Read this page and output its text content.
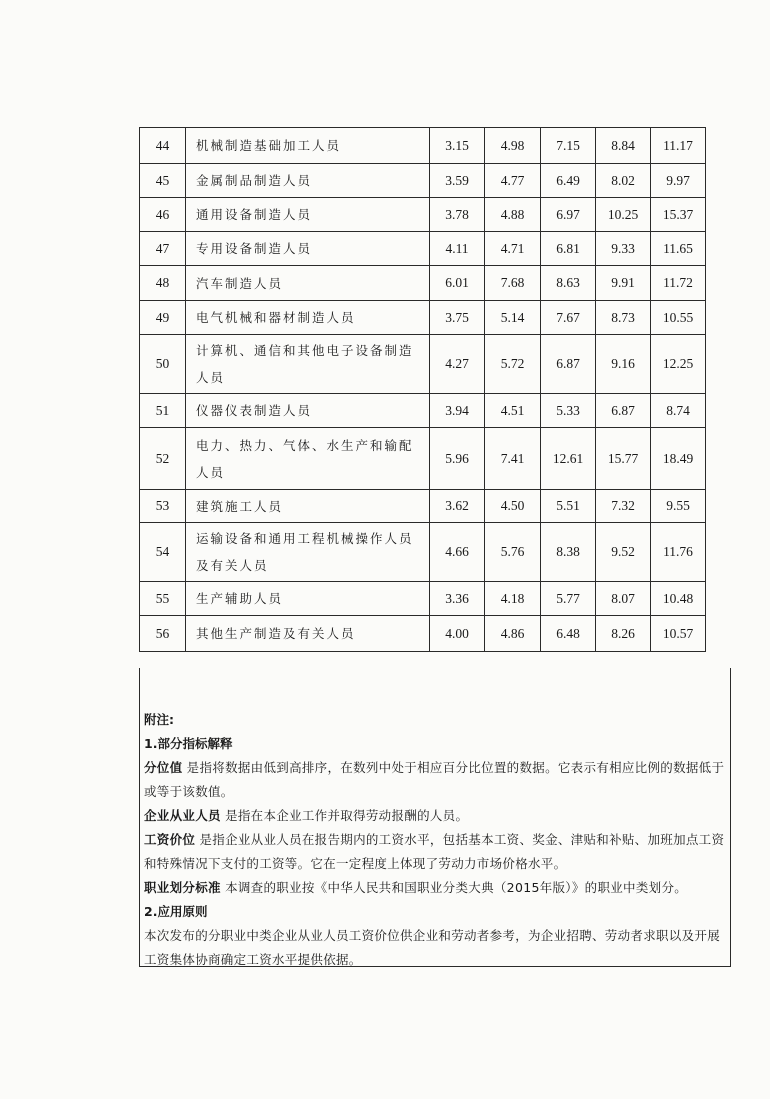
44	机械制造基础加工人员	3.15	4.98	7.15	8.84	11.17
45	金属制品制造人员	3.59	4.77	6.49	8.02	9.97
46	通用设备制造人员	3.78	4.88	6.97	10.25	15.37
47	专用设备制造人员	4.11	4.71	6.81	9.33	11.65
48	汽车制造人员	6.01	7.68	8.63	9.91	11.72
49	电气机械和器材制造人员	3.75	5.14	7.67	8.73	10.55
50	计算机、通信和其他电子设备制造人员	4.27	5.72	6.87	9.16	12.25
51	仪器仪表制造人员	3.94	4.51	5.33	6.87	8.74
52	电力、热力、气体、水生产和输配人员	5.96	7.41	12.61	15.77	18.49
53	建筑施工人员	3.62	4.50	5.51	7.32	9.55
54	运输设备和通用工程机械操作人员及有关人员	4.66	5.76	8.38	9.52	11.76
55	生产辅助人员	3.36	4.18	5.77	8.07	10.48
56	其他生产制造及有关人员	4.00	4.86	6.48	8.26	10.57

附注:

1.部分指标解释

分位值 是指将数据由低到高排序，在数列中处于相应百分比位置的数据。它表示有相应比例的数据低于或等于该数值。

企业从业人员 是指在本企业工作并取得劳动报酬的人员。

工资价位 是指企业从业人员在报告期内的工资水平，包括基本工资、奖金、津贴和补贴、加班加点工资和特殊情况下支付的工资等。它在一定程度上体现了劳动力市场价格水平。

职业划分标准 本调查的职业按《中华人民共和国职业分类大典（2015年版）》的职业中类划分。

2.应用原则

本次发布的分职业中类企业从业人员工资价位供企业和劳动者参考，为企业招聘、劳动者求职以及开展工资集体协商确定工资水平提供依据。
